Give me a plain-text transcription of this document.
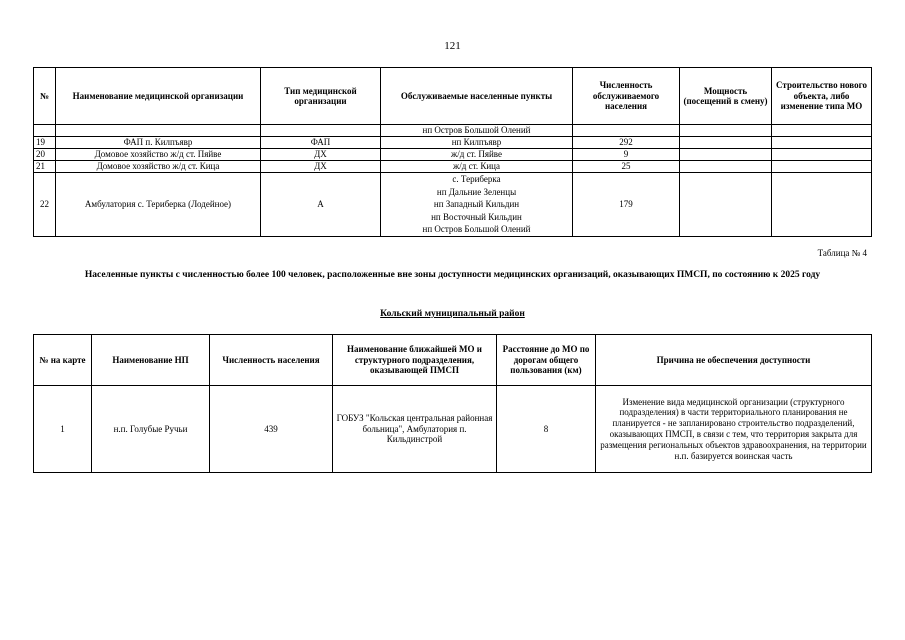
121
№	Наименование медицинской организации	Тип медицинской организации	Обслуживаемые населенные пункты	Численность обслуживаемого населения	Мощность (посещений в смену)	Строительство нового объекта, либо изменение типа МО
			нп Остров Большой Олений			
19	ФАП п. Килпъявр	ФАП	нп Килпъявр	292		
20	Домовое хозяйство ж/д ст. Пяйве	ДХ	ж/д ст. Пяйве	9		
21	Домовое хозяйство ж/д ст. Кица	ДХ	ж/д ст. Кица	25		
22	Амбулатория с. Териберка (Лодейное)	А	с. Териберка
нп Дальние Зеленцы
нп Западный Кильдин
нп Восточный Кильдин
нп Остров Большой Олений	179		
Таблица № 4
Населенные пункты с численностью более 100 человек, расположенные вне зоны доступности медицинских организаций, оказывающих ПМСП, по состоянию к 2025 году
Кольский муниципальный район
№ на карте	Наименование НП	Численность населения	Наименование ближайшей МО и структурного подразделения, оказывающей ПМСП	Расстояние до МО по дорогам общего пользования (км)	Причина не обеспечения доступности
1	н.п. Голубые Ручьи	439	ГОБУЗ "Кольская центральная районная больница", Амбулатория п. Кильдинстрой	8	Изменение вида медицинской организации (структурного подразделения) в части территориального планирования не планируется - не запланировано строительство подразделений, оказывающих ПМСП, в связи с тем, что территория закрыта для размещения региональных объектов здравоохранения, на территории н.п. базируется воинская часть
